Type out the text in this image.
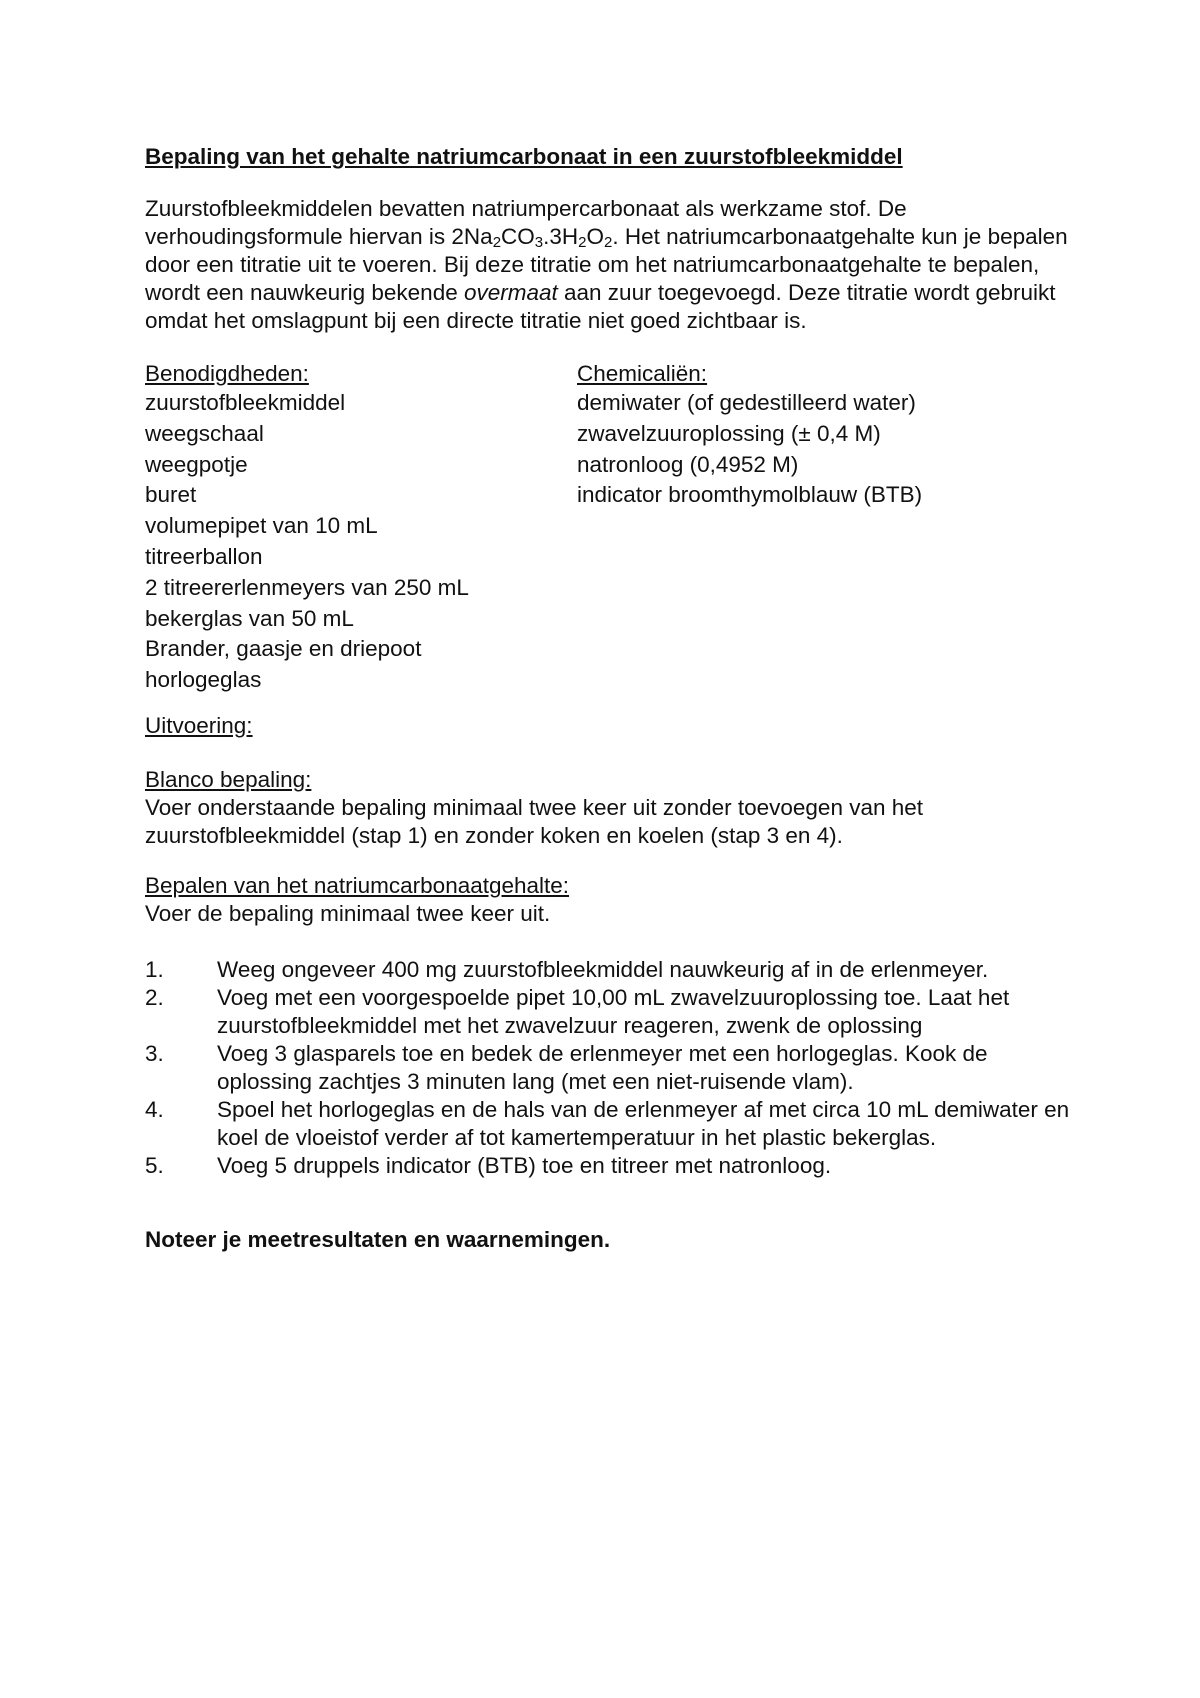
Bepaling van het gehalte natriumcarbonaat in een zuurstofbleekmiddel

Zuurstofbleekmiddelen bevatten natriumpercarbonaat als werkzame stof. De verhoudingsformule hiervan is $2Na_2CO_3.3H_2O_2$. Het natriumcarbonaatgehalte kun je bepalen door een titratie uit te voeren. Bij deze titratie om het natriumcarbonaatgehalte te bepalen, wordt een nauwkeurig bekende overmaat aan zuur toegevoegd. Deze titratie wordt gebruikt omdat het omslagpunt bij een directe titratie niet goed zichtbaar is.

Benodigdheden:
zuurstofbleekmiddel
weegschaal
weegpotje
buret
volumepipet van 10 mL
titreerballon
2 titreererlenmeyers van 250 mL
bekerglas van 50 mL
Brander, gaasje en driepoot
horlogeglas
Chemicaliën:
demiwater (of gedestilleerd water)
zwavelzuuroplossing (± 0,4 M)
natronloog (0,4952 M)
indicator broomthymolblauw (BTB)
Uitvoering:
Blanco bepaling:
Voer onderstaande bepaling minimaal twee keer uit zonder toevoegen van het zuurstofbleekmiddel (stap 1) en zonder koken en koelen (stap 3 en 4).
Bepalen van het natriumcarbonaatgehalte:
Voer de bepaling minimaal twee keer uit.
1.	Weeg ongeveer 400 mg zuurstofbleekmiddel nauwkeurig af in de erlenmeyer.
2.	Voeg met een voorgespoelde pipet 10,00 mL zwavelzuuroplossing toe. Laat het zuurstofbleekmiddel met het zwavelzuur reageren, zwenk de oplossing
3.	Voeg 3 glasparels toe en bedek de erlenmeyer met een horlogeglas. Kook de oplossing zachtjes 3 minuten lang (met een niet-ruisende vlam).
4.	Spoel het horlogeglas en de hals van de erlenmeyer af met circa 10 mL demiwater en koel de vloeistof verder af tot kamertemperatuur in het plastic bekerglas.
5.	Voeg 5 druppels indicator (BTB) toe en titreer met natronloog.
Noteer je meetresultaten en waarnemingen.
